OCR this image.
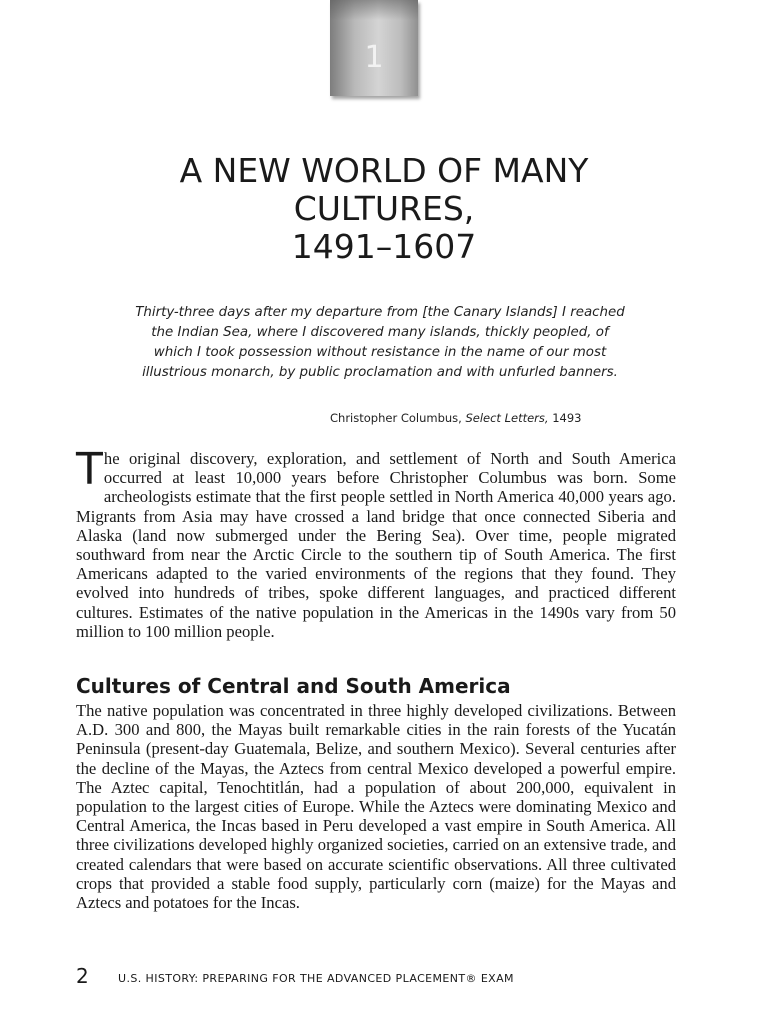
1
A NEW WORLD OF MANY
CULTURES,
1491–1607

Thirty-three days after my departure from [the Canary Islands] I reached the Indian Sea, where I discovered many islands, thickly peopled, of which I took possession without resistance in the name of our most illustrious monarch, by public proclamation and with unfurled banners.

Christopher Columbus, Select Letters, 1493

The original discovery, exploration, and settlement of North and South America occurred at least 10,000 years before Christopher Columbus was born. Some archeologists estimate that the first people settled in North America 40,000 years ago. Migrants from Asia may have crossed a land bridge that once connected Siberia and Alaska (land now submerged under the Bering Sea). Over time, people migrated southward from near the Arctic Circle to the southern tip of South America. The first Americans adapted to the varied environments of the regions that they found. They evolved into hundreds of tribes, spoke different languages, and practiced different cultures. Estimates of the native population in the Americas in the 1490s vary from 50 million to 100 million people.

Cultures of Central and South America

The native population was concentrated in three highly developed civilizations. Between A.D. 300 and 800, the Mayas built remarkable cities in the rain forests of the Yucatán Peninsula (present-day Guatemala, Belize, and southern Mexico). Several centuries after the decline of the Mayas, the Aztecs from central Mexico developed a powerful empire. The Aztec capital, Tenochtitlán, had a population of about 200,000, equivalent in population to the largest cities of Europe. While the Aztecs were dominating Mexico and Central America, the Incas based in Peru developed a vast empire in South America. All three civilizations developed highly organized societies, carried on an extensive trade, and created calendars that were based on accurate scientific observations. All three cultivated crops that provided a stable food supply, particularly corn (maize) for the Mayas and Aztecs and potatoes for the Incas.

2	U.S. HISTORY: PREPARING FOR THE ADVANCED PLACEMENT® EXAM
